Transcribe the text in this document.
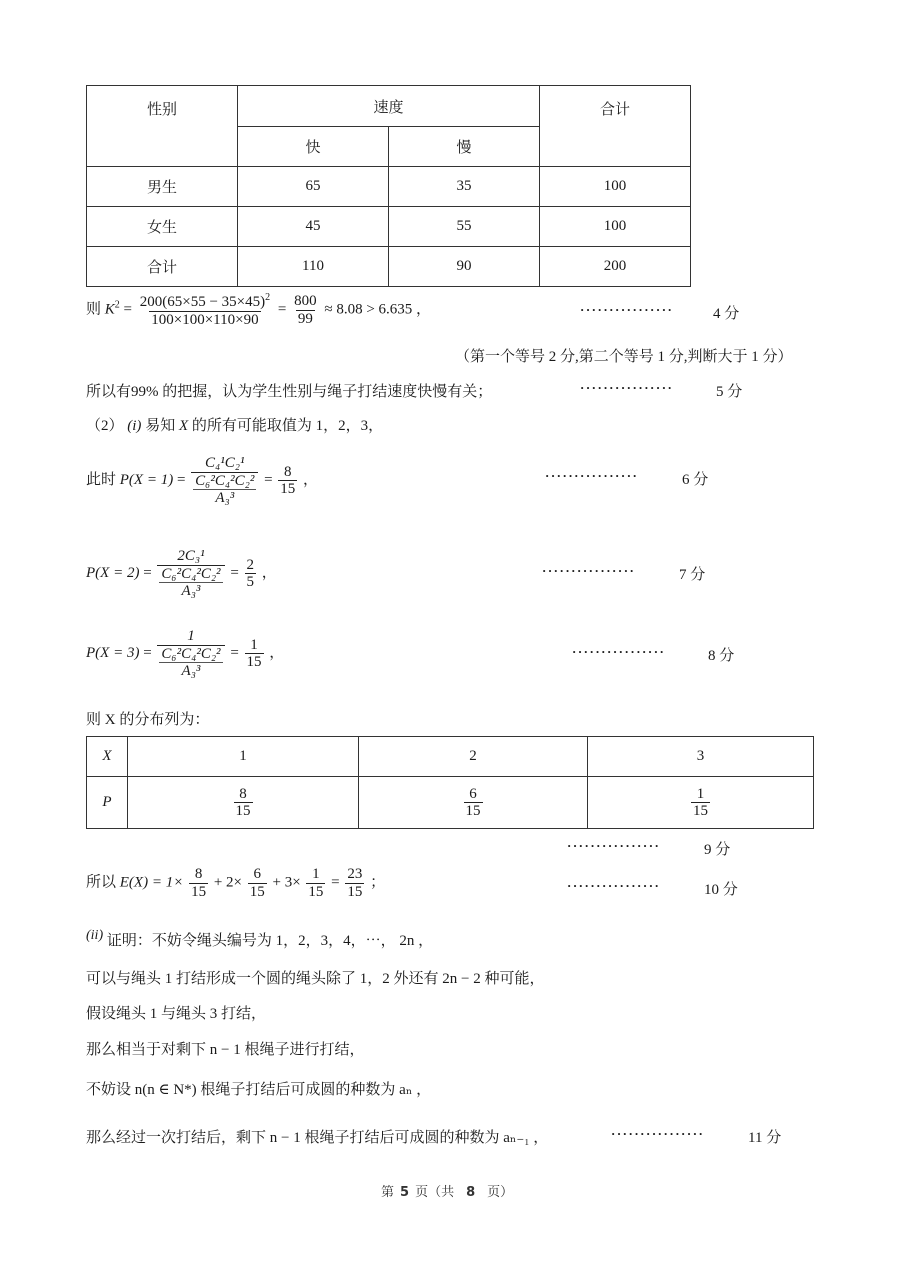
性别	速度		合计
	快	慢	
男生	65	35	100
女生	45	55	100
合计	110	90	200
则 $K^2 = \frac{200(65\times 55 - 35\times 45)^2}{100\times 100\times 110\times 90} = \frac{800}{99} \approx 8.08 > 6.635$ ，	················	4 分
（第一个等号 2 分,第二个等号 1 分,判断大于 1 分）
所以有99% 的把握，认为学生性别与绳子打结速度快慢有关；	················	5 分
（2） (i) 易知 X 的所有可能取值为 1，2，3，
此时 P(X = 1) = C₄¹C₂¹
C₆²C₄²C₂²
$A_3^3 = \frac{8}{15}$ ，	················	6 分
P(X = 2) = 2C₃¹
C₆²C₄²C₂²
$A_3^3 = \frac{2}{5}$ ，	················	7 分
P(X = 3) = 1
C₆²C₄²C₂²
$A_3^3 = \frac{1}{15}$ ，	················	8 分
则 X 的分布列为：
X	1	2	3
P	$\frac{8}{15}$	$\frac{6}{15}$	$\frac{1}{15}$
················	9 分
所以 $E(X) = 1\times \frac{8}{15} + 2\times \frac{6}{15} + 3\times \frac{1}{15} = \frac{23}{15}$ ；	················	10 分
(ii) 证明：不妨令绳头编号为 1，2，3，4，⋯， 2n ，
可以与绳头 1 打结形成一个圆的绳头除了 1，2 外还有 2n − 2 种可能，
假设绳头 1 与绳头 3 打结，
那么相当于对剩下 n − 1 根绳子进行打结，
不妨设 n(n ∈ N*) 根绳子打结后可成圆的种数为 aₙ ，
那么经过一次打结后，剩下 n − 1 根绳子打结后可成圆的种数为 aₙ₋₁ ，	················	11 分
第 5 页（共 8 页）
